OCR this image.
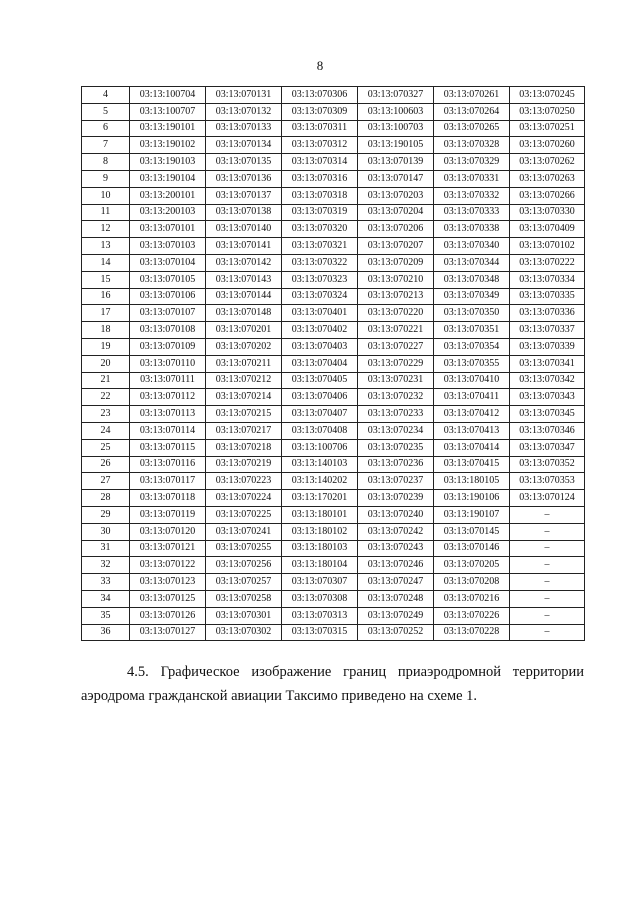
8
4	03:13:100704	03:13:070131	03:13:070306	03:13:070327	03:13:070261	03:13:070245
5	03:13:100707	03:13:070132	03:13:070309	03:13:100603	03:13:070264	03:13:070250
6	03:13:190101	03:13:070133	03:13:070311	03:13:100703	03:13:070265	03:13:070251
7	03:13:190102	03:13:070134	03:13:070312	03:13:190105	03:13:070328	03:13:070260
8	03:13:190103	03:13:070135	03:13:070314	03:13:070139	03:13:070329	03:13:070262
9	03:13:190104	03:13:070136	03:13:070316	03:13:070147	03:13:070331	03:13:070263
10	03:13:200101	03:13:070137	03:13:070318	03:13:070203	03:13:070332	03:13:070266
11	03:13:200103	03:13:070138	03:13:070319	03:13:070204	03:13:070333	03:13:070330
12	03:13:070101	03:13:070140	03:13:070320	03:13:070206	03:13:070338	03:13:070409
13	03:13:070103	03:13:070141	03:13:070321	03:13:070207	03:13:070340	03:13:070102
14	03:13:070104	03:13:070142	03:13:070322	03:13:070209	03:13:070344	03:13:070222
15	03:13:070105	03:13:070143	03:13:070323	03:13:070210	03:13:070348	03:13:070334
16	03:13:070106	03:13:070144	03:13:070324	03:13:070213	03:13:070349	03:13:070335
17	03:13:070107	03:13:070148	03:13:070401	03:13:070220	03:13:070350	03:13:070336
18	03:13:070108	03:13:070201	03:13:070402	03:13:070221	03:13:070351	03:13:070337
19	03:13:070109	03:13:070202	03:13:070403	03:13:070227	03:13:070354	03:13:070339
20	03:13:070110	03:13:070211	03:13:070404	03:13:070229	03:13:070355	03:13:070341
21	03:13:070111	03:13:070212	03:13:070405	03:13:070231	03:13:070410	03:13:070342
22	03:13:070112	03:13:070214	03:13:070406	03:13:070232	03:13:070411	03:13:070343
23	03:13:070113	03:13:070215	03:13:070407	03:13:070233	03:13:070412	03:13:070345
24	03:13:070114	03:13:070217	03:13:070408	03:13:070234	03:13:070413	03:13:070346
25	03:13:070115	03:13:070218	03:13:100706	03:13:070235	03:13:070414	03:13:070347
26	03:13:070116	03:13:070219	03:13:140103	03:13:070236	03:13:070415	03:13:070352
27	03:13:070117	03:13:070223	03:13:140202	03:13:070237	03:13:180105	03:13:070353
28	03:13:070118	03:13:070224	03:13:170201	03:13:070239	03:13:190106	03:13:070124
29	03:13:070119	03:13:070225	03:13:180101	03:13:070240	03:13:190107	–
30	03:13:070120	03:13:070241	03:13:180102	03:13:070242	03:13:070145	–
31	03:13:070121	03:13:070255	03:13:180103	03:13:070243	03:13:070146	–
32	03:13:070122	03:13:070256	03:13:180104	03:13:070246	03:13:070205	–
33	03:13:070123	03:13:070257	03:13:070307	03:13:070247	03:13:070208	–
34	03:13:070125	03:13:070258	03:13:070308	03:13:070248	03:13:070216	–
35	03:13:070126	03:13:070301	03:13:070313	03:13:070249	03:13:070226	–
36	03:13:070127	03:13:070302	03:13:070315	03:13:070252	03:13:070228	–

4.5. Графическое изображение границ приаэродромной территории аэродрома гражданской авиации Таксимо приведено на схеме 1.
